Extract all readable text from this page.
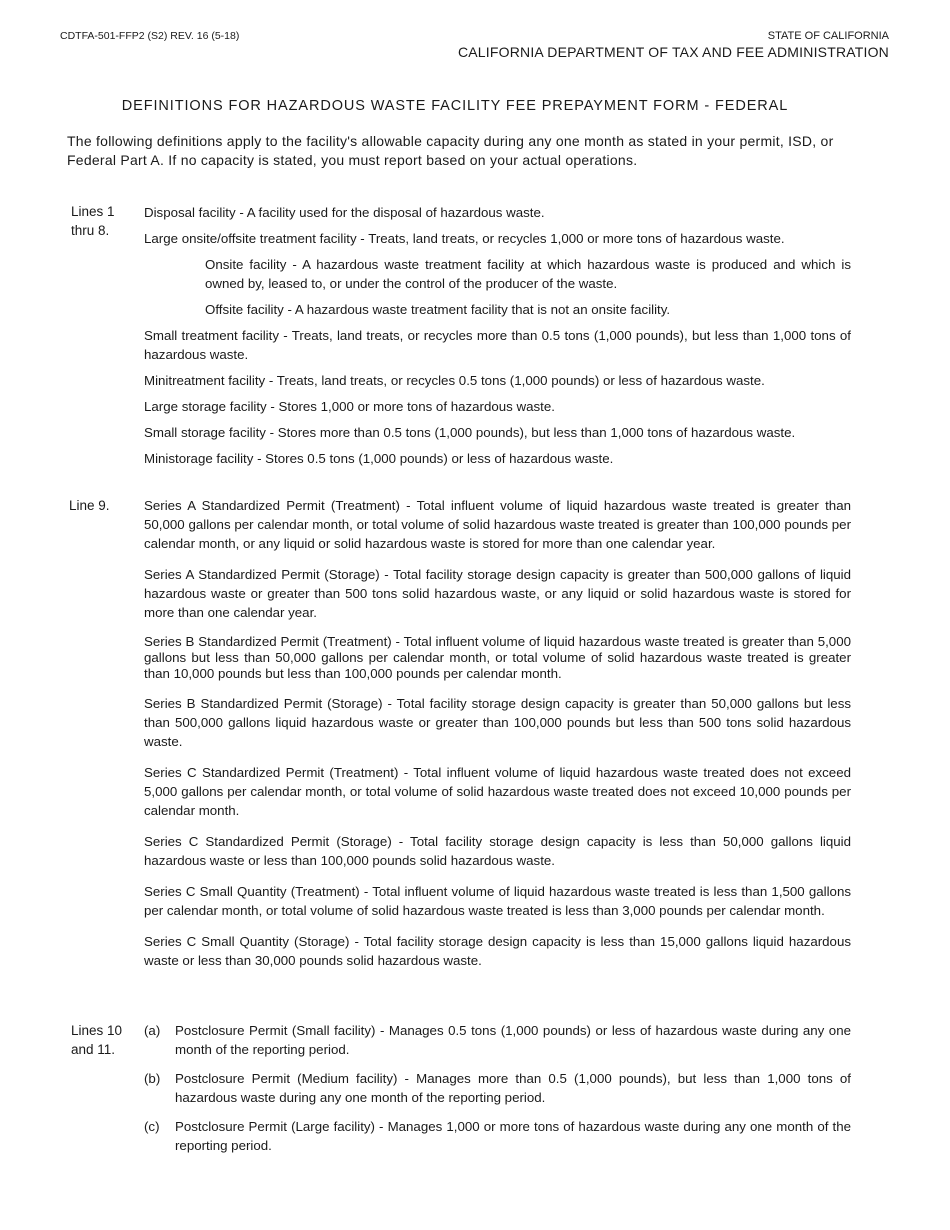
CDTFA-501-FFP2 (S2) REV. 16 (5-18)	STATE OF CALIFORNIA
CALIFORNIA DEPARTMENT OF TAX AND FEE ADMINISTRATION
DEFINITIONS FOR HAZARDOUS WASTE FACILITY FEE PREPAYMENT FORM - FEDERAL
The following definitions apply to the facility's allowable capacity during any one month as stated in your permit, ISD, or Federal Part A. If no capacity is stated, you must report based on your actual operations.
Lines 1
thru 8.

Disposal facility - A facility used for the disposal of hazardous waste.

Large onsite/offsite treatment facility - Treats, land treats, or recycles 1,000 or more tons of hazardous waste.

Onsite facility - A hazardous waste treatment facility at which hazardous waste is produced and which is owned by, leased to, or under the control of the producer of the waste.

Offsite facility - A hazardous waste treatment facility that is not an onsite facility.

Small treatment facility - Treats, land treats, or recycles more than 0.5 tons (1,000 pounds), but less than 1,000 tons of hazardous waste.

Minitreatment facility - Treats, land treats, or recycles 0.5 tons (1,000 pounds) or less of hazardous waste.

Large storage facility - Stores 1,000 or more tons of hazardous waste.

Small storage facility - Stores more than 0.5 tons (1,000 pounds), but less than 1,000 tons of hazardous waste.

Ministorage facility - Stores 0.5 tons (1,000 pounds) or less of hazardous waste.

Line 9.	Series A Standardized Permit (Treatment) - Total influent volume of liquid hazardous waste treated is greater than 50,000 gallons per calendar month, or total volume of solid hazardous waste treated is greater than 100,000 pounds per calendar month, or any liquid or solid hazardous waste is stored for more than one calendar year.

Series A Standardized Permit (Storage) - Total facility storage design capacity is greater than 500,000 gallons of liquid hazardous waste or greater than 500 tons solid hazardous waste, or any liquid or solid hazardous waste is stored for more than one calendar year.

Series B Standardized Permit (Treatment) - Total influent volume of liquid hazardous waste treated is greater than 5,000 gallons but less than 50,000 gallons per calendar month, or total volume of solid hazardous waste treated is greater than 10,000 pounds but less than 100,000 pounds per calendar month.

Series B Standardized Permit (Storage) - Total facility storage design capacity is greater than 50,000 gallons but less than 500,000 gallons liquid hazardous waste or greater than 100,000 pounds but less than 500 tons solid hazardous waste.

Series C Standardized Permit (Treatment) - Total influent volume of liquid hazardous waste treated does not exceed 5,000 gallons per calendar month, or total volume of solid hazardous waste treated does not exceed 10,000 pounds per calendar month.

Series C Standardized Permit (Storage) - Total facility storage design capacity is less than 50,000 gallons liquid hazardous waste or less than 100,000 pounds solid hazardous waste.

Series C Small Quantity (Treatment) - Total influent volume of liquid hazardous waste treated is less than 1,500 gallons per calendar month, or total volume of solid hazardous waste treated is less than 3,000 pounds per calendar month.

Series C Small Quantity (Storage) - Total facility storage design capacity is less than 15,000 gallons liquid hazardous waste or less than 30,000 pounds solid hazardous waste.

Lines 10
and 11.
(a)	Postclosure Permit (Small facility) - Manages 0.5 tons (1,000 pounds) or less of hazardous waste during any one month of the reporting period.
(b)	Postclosure Permit (Medium facility) - Manages more than 0.5 (1,000 pounds), but less than 1,000 tons of hazardous waste during any one month of the reporting period.
(c)	Postclosure Permit (Large facility) - Manages 1,000 or more tons of hazardous waste during any one month of the reporting period.
